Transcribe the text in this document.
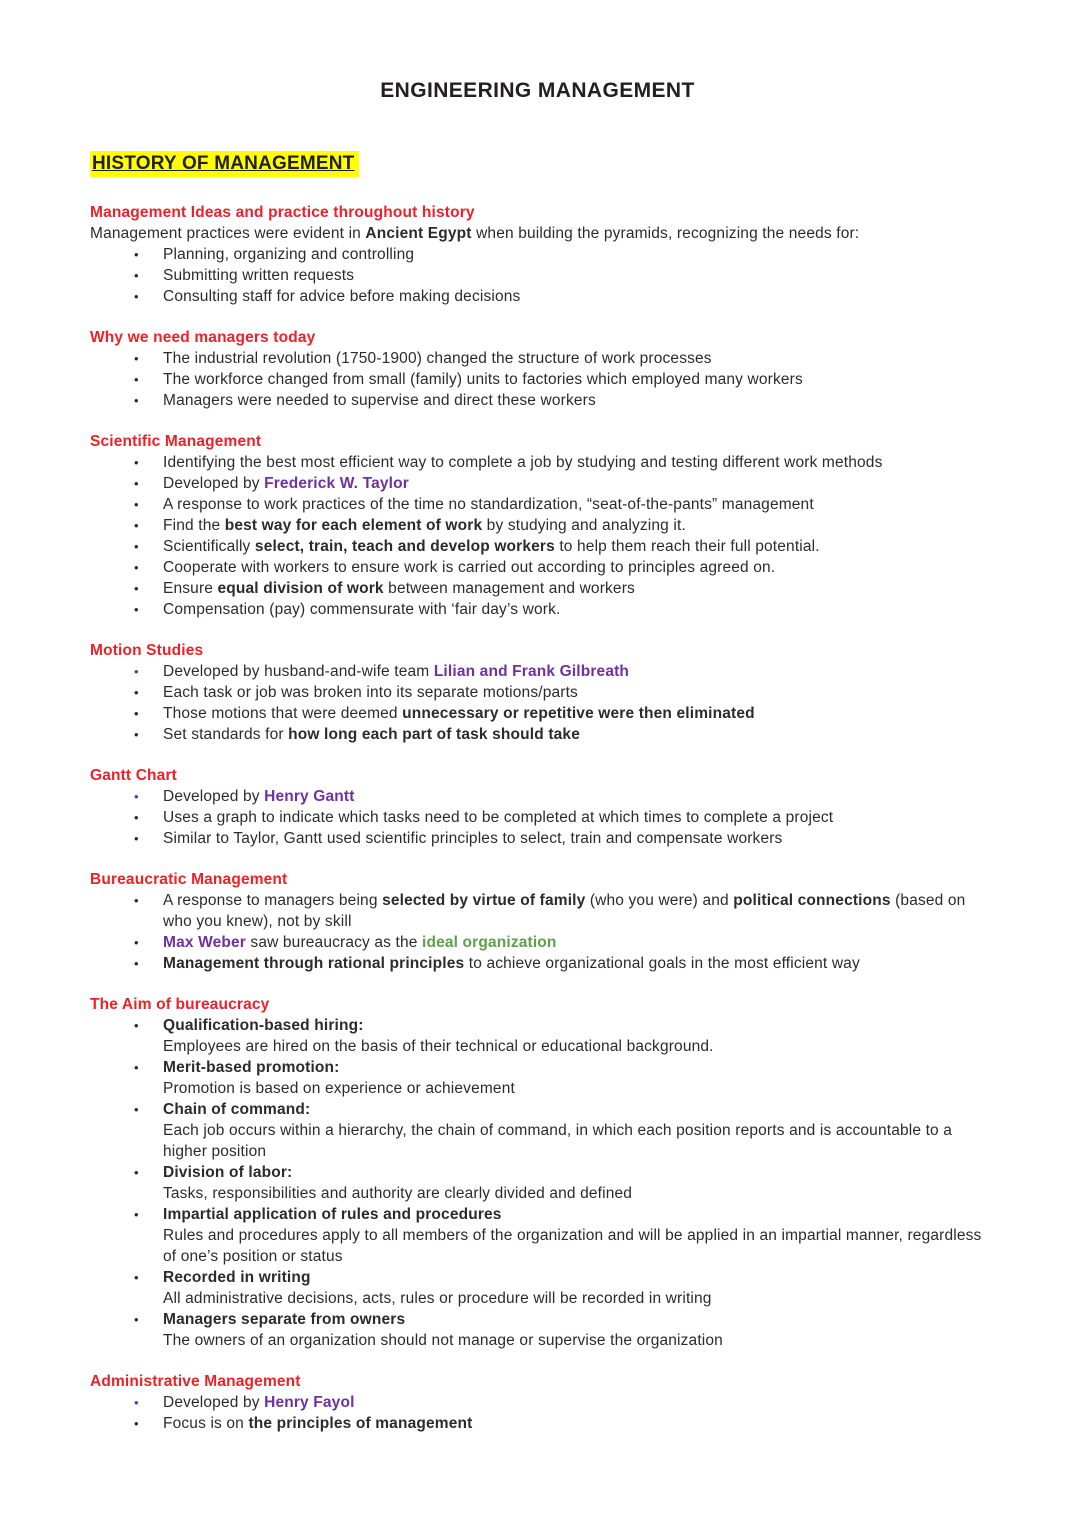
ENGINEERING MANAGEMENT

HISTORY OF MANAGEMENT

Management Ideas and practice throughout history

Management practices were evident in Ancient Egypt when building the pyramids, recognizing the needs for:

•	Planning, organizing and controlling
•	Submitting written requests
•	Consulting staff for advice before making decisions

Why we need managers today

•	The industrial revolution (1750-1900) changed the structure of work processes
•	The workforce changed from small (family) units to factories which employed many workers
•	Managers were needed to supervise and direct these workers

Scientific Management

•	Identifying the best most efficient way to complete a job by studying and testing different work methods
•	Developed by Frederick W. Taylor
•	A response to work practices of the time no standardization, “seat-of-the-pants” management
•	Find the best way for each element of work by studying and analyzing it.
•	Scientifically select, train, teach and develop workers to help them reach their full potential.
•	Cooperate with workers to ensure work is carried out according to principles agreed on.
•	Ensure equal division of work between management and workers
•	Compensation (pay) commensurate with ‘fair day’s work.

Motion Studies

•	Developed by husband-and-wife team Lilian and Frank Gilbreath
•	Each task or job was broken into its separate motions/parts
•	Those motions that were deemed unnecessary or repetitive were then eliminated
•	Set standards for how long each part of task should take

Gantt Chart

•	Developed by Henry Gantt
•	Uses a graph to indicate which tasks need to be completed at which times to complete a project
•	Similar to Taylor, Gantt used scientific principles to select, train and compensate workers

Bureaucratic Management

•	A response to managers being selected by virtue of family (who you were) and political connections (based on who you knew), not by skill
•	Max Weber saw bureaucracy as the ideal organization
•	Management through rational principles to achieve organizational goals in the most efficient way

The Aim of bureaucracy

•	Qualification-based hiring:
Employees are hired on the basis of their technical or educational background.
•	Merit-based promotion:
Promotion is based on experience or achievement
•	Chain of command:
Each job occurs within a hierarchy, the chain of command, in which each position reports and is accountable to a higher position
•	Division of labor:
Tasks, responsibilities and authority are clearly divided and defined
•	Impartial application of rules and procedures
Rules and procedures apply to all members of the organization and will be applied in an impartial manner, regardless of one’s position or status
•	Recorded in writing
All administrative decisions, acts, rules or procedure will be recorded in writing
•	Managers separate from owners
The owners of an organization should not manage or supervise the organization

Administrative Management

•	Developed by Henry Fayol
•	Focus is on the principles of management
